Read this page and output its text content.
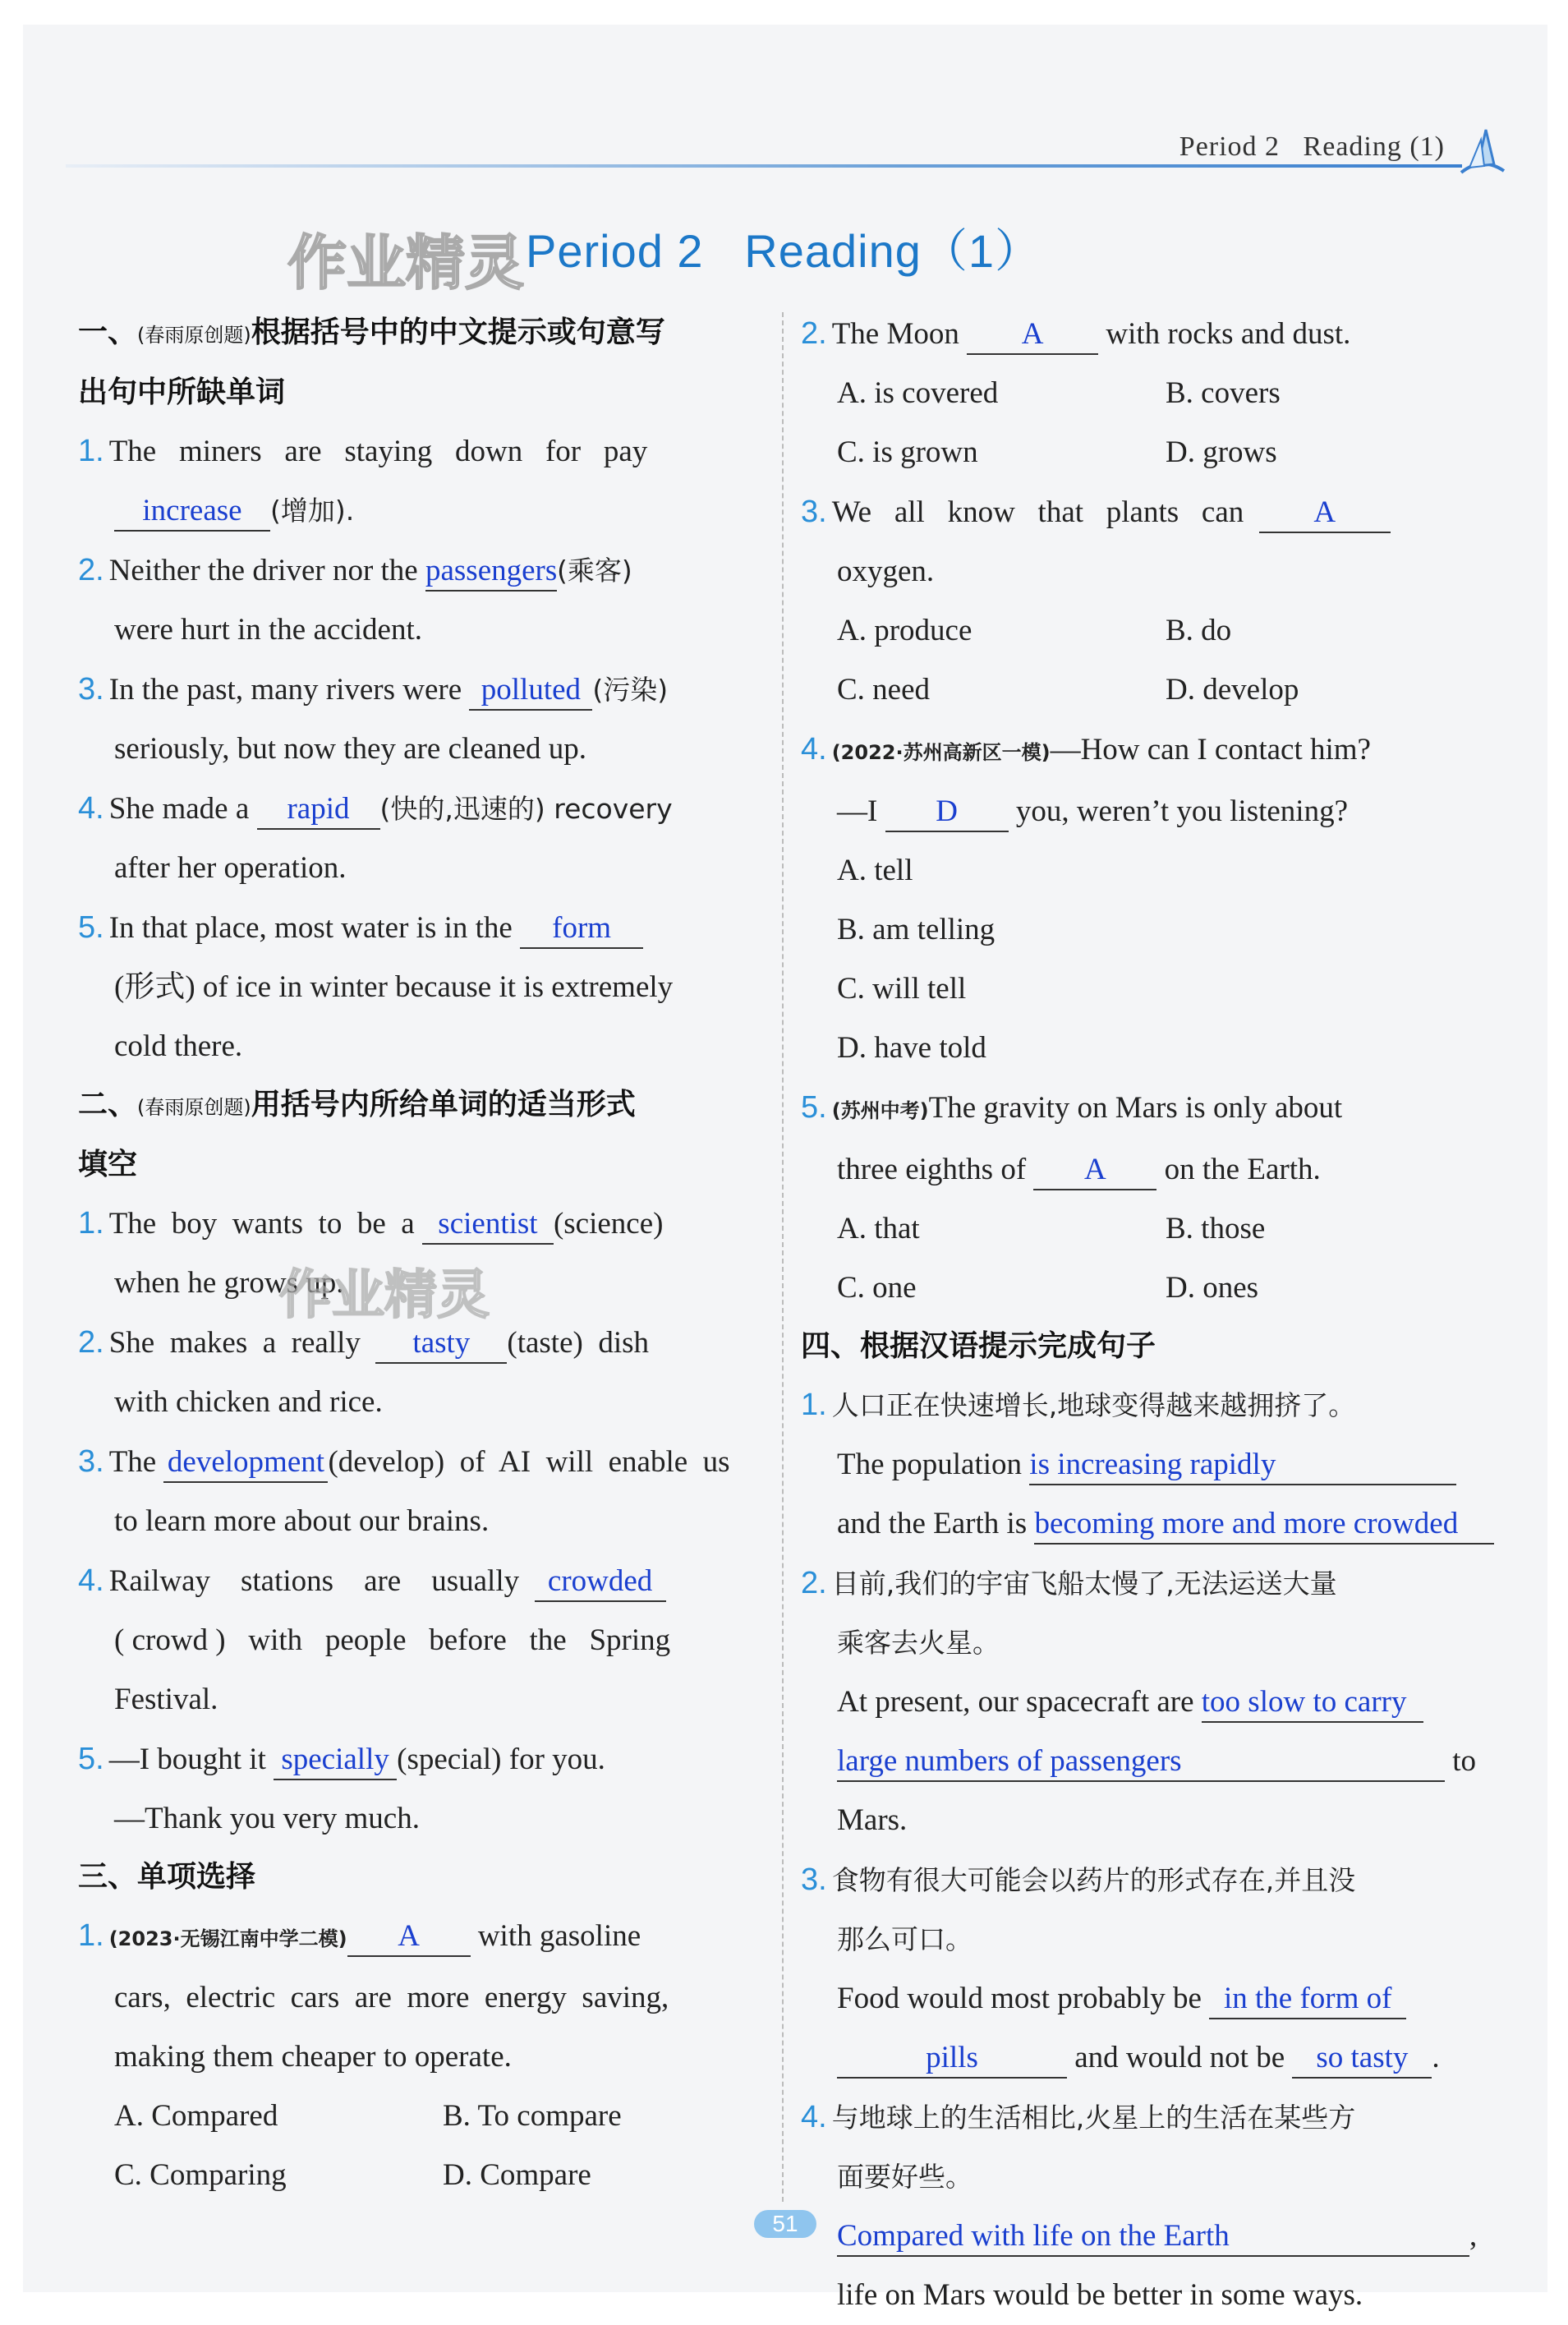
Period 2   Reading (1)
作业精灵 Period 2   Reading（1）
一、(春雨原创题)根据括号中的中文提示或句意写
出句中所缺单词
1. The   miners   are   staying   down   for   pay
increase (增加).
2. Neither the driver nor the passengers(乘客)
were hurt in the accident.
3. In the past, many rivers were polluted (污染)
seriously, but now they are cleaned up.
4. She made a rapid (快的,迅速的) recovery
after her operation.
5. In that place, most water is in the form
(形式) of ice in winter because it is extremely
cold there.
二、(春雨原创题)用括号内所给单词的适当形式
填空
1. The  boy  wants  to  be  a scientist (science)
when he grows up.
2. She  makes  a  really tasty (taste)  dish
with chicken and rice.
3. The development (develop)  of  AI  will  enable  us
to learn more about our brains.
4. Railway    stations    are    usually crowded
( crowd )   with   people   before   the   Spring
Festival.
5. —I bought it specially (special) for you.
—Thank you very much.
三、单项选择
1. (2023·无锡江南中学二模) A with gasoline
cars,  electric  cars  are  more  energy  saving,
making them cheaper to operate.
A. Compared	B. To compare
C. Comparing	D. Compare
作业精灵
2. The Moon A with rocks and dust.
A. is covered	B. covers
C. is grown	D. grows
3. We   all   know   that   plants   can A
oxygen.
A. produce	B. do
C. need	D. develop
4. (2022·苏州高新区一模)—How can I contact him?
—I D you, weren’t you listening?
A. tell
B. am telling
C. will tell
D. have told
5. (苏州中考)The gravity on Mars is only about
three eighths of A on the Earth.
A. that	B. those
C. one	D. ones
四、根据汉语提示完成句子
1. 人口正在快速增长,地球变得越来越拥挤了。
The population is increasing rapidly
and the Earth is becoming more and more crowded
2. 目前,我们的宇宙飞船太慢了,无法运送大量
乘客去火星。
At present, our spacecraft are too slow to carry
large numbers of passengers	to
Mars.
3. 食物有很大可能会以药片的形式存在,并且没
那么可口。
Food would most probably be in the form of
pills	and would not be so tasty .
4. 与地球上的生活相比,火星上的生活在某些方
面要好些。
Compared with life on the Earth	,
life on Mars would be better in some ways.
51
